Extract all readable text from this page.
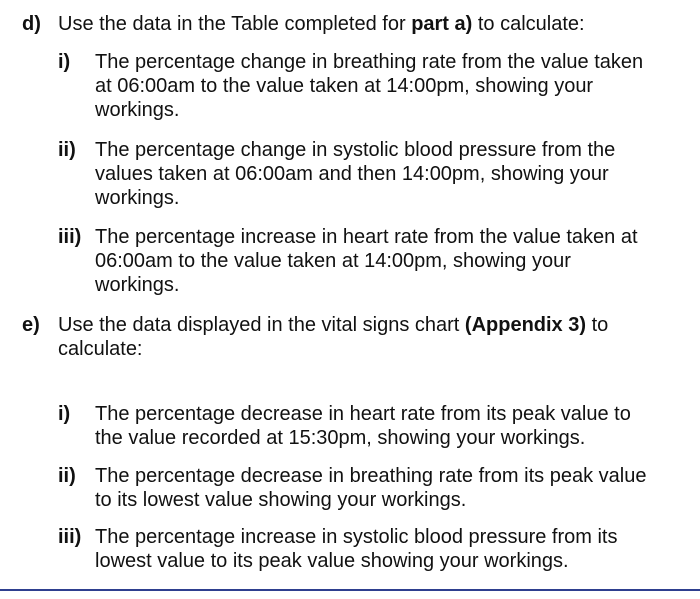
d) Use the data in the Table completed for part a) to calculate:
i) The percentage change in breathing rate from the value taken
at 06:00am to the value taken at 14:00pm, showing your
workings.
ii) The percentage change in systolic blood pressure from the
values taken at 06:00am and then 14:00pm, showing your
workings.
iii) The percentage increase in heart rate from the value taken at
06:00am to the value taken at 14:00pm, showing your
workings.
e) Use the data displayed in the vital signs chart (Appendix 3) to
calculate:
i) The percentage decrease in heart rate from its peak value to
the value recorded at 15:30pm, showing your workings.
ii) The percentage decrease in breathing rate from its peak value
to its lowest value showing your workings.
iii) The percentage increase in systolic blood pressure from its
lowest value to its peak value showing your workings.
